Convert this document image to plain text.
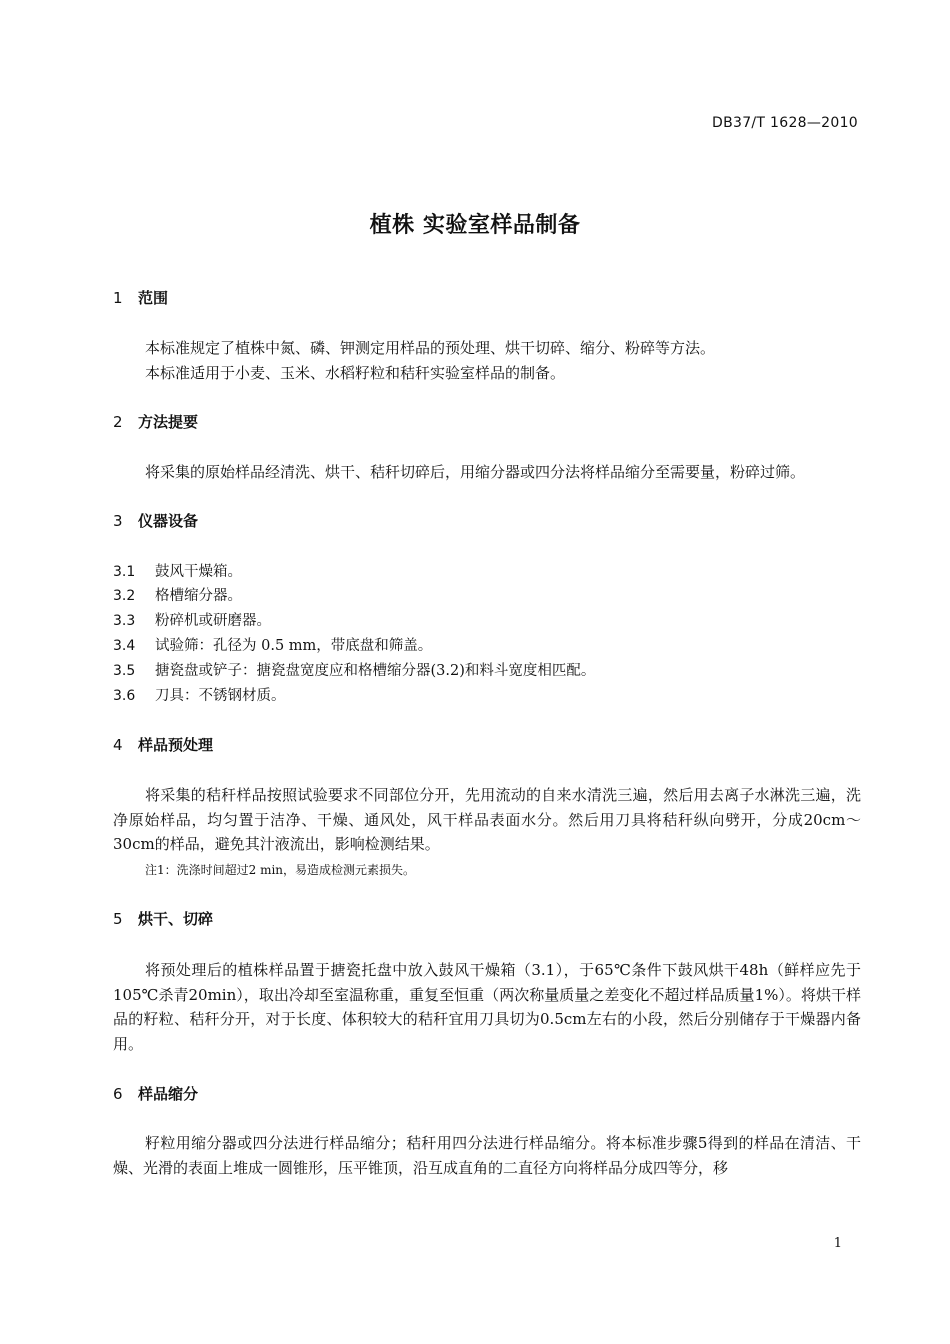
DB37/T 1628—2010
植株 实验室样品制备
1 范围
本标准规定了植株中氮、磷、钾测定用样品的预处理、烘干切碎、缩分、粉碎等方法。
本标准适用于小麦、玉米、水稻籽粒和秸秆实验室样品的制备。
2 方法提要
将采集的原始样品经清洗、烘干、秸秆切碎后，用缩分器或四分法将样品缩分至需要量，粉碎过筛。
3 仪器设备
3.1 鼓风干燥箱。
3.2 格槽缩分器。
3.3 粉碎机或研磨器。
3.4 试验筛：孔径为 0.5 mm，带底盘和筛盖。
3.5 搪瓷盘或铲子：搪瓷盘宽度应和格槽缩分器(3.2)和料斗宽度相匹配。
3.6 刀具：不锈钢材质。
4 样品预处理
将采集的秸秆样品按照试验要求不同部位分开，先用流动的自来水清洗三遍，然后用去离子水淋洗三遍，洗净原始样品，均匀置于洁净、干燥、通风处，风干样品表面水分。然后用刀具将秸秆纵向劈开，分成20cm～30cm的样品，避免其汁液流出，影响检测结果。
注1：洗涤时间超过2 min，易造成检测元素损失。
5 烘干、切碎
将预处理后的植株样品置于搪瓷托盘中放入鼓风干燥箱（3.1），于65℃条件下鼓风烘干48h（鲜样应先于105℃杀青20min），取出冷却至室温称重，重复至恒重（两次称量质量之差变化不超过样品质量1%）。将烘干样品的籽粒、秸秆分开，对于长度、体积较大的秸秆宜用刀具切为0.5cm左右的小段，然后分别储存于干燥器内备用。
6 样品缩分
籽粒用缩分器或四分法进行样品缩分；秸秆用四分法进行样品缩分。将本标准步骤5得到的样品在清洁、干燥、光滑的表面上堆成一圆锥形，压平锥顶，沿互成直角的二直径方向将样品分成四等分，移
1
